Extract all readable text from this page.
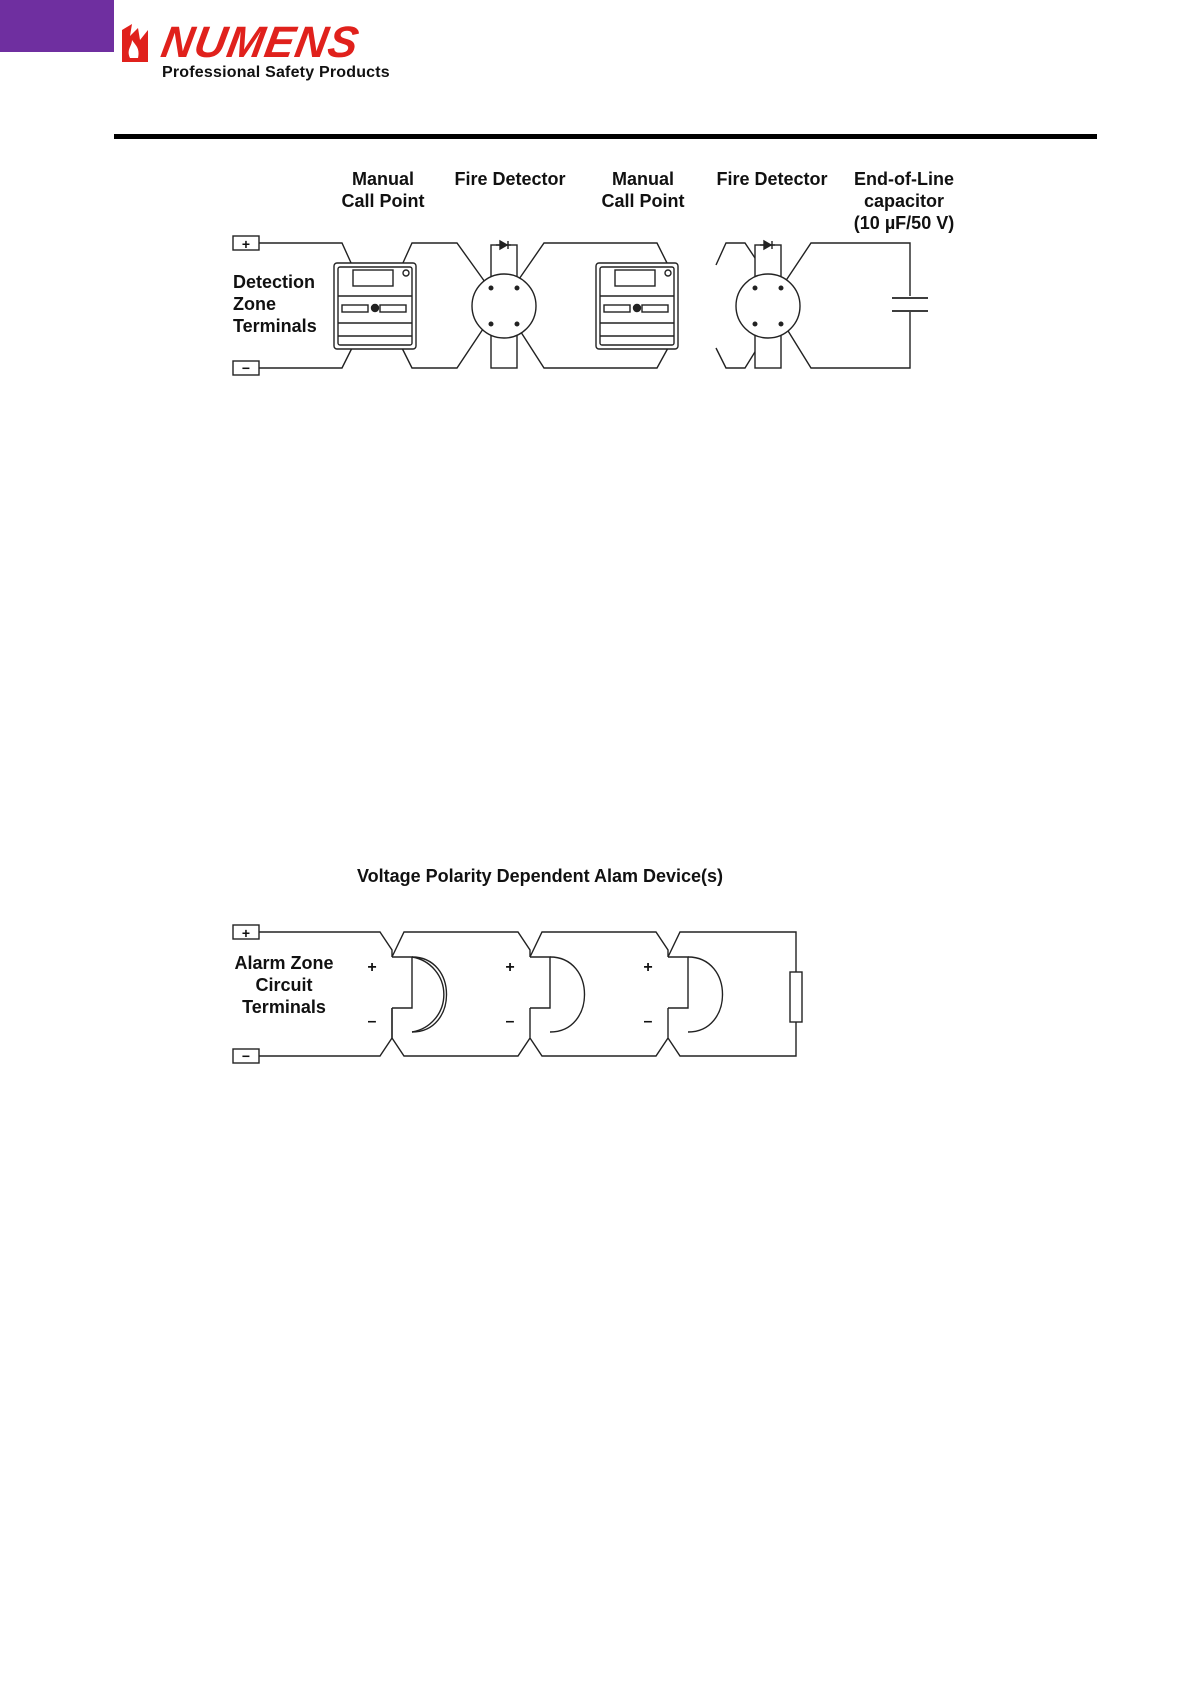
NUMENS
Professional Safety Products
Manual
Call Point
Fire Detector	Manual
Call Point
Fire Detector	End-of-Line
capacitor
(10 µF/50 V)
Detection
Zone
Terminals
Voltage Polarity Dependent Alam Device(s)
Alarm Zone
Circuit
Terminals
+
−
+
−
+
–
+
–
+
–
